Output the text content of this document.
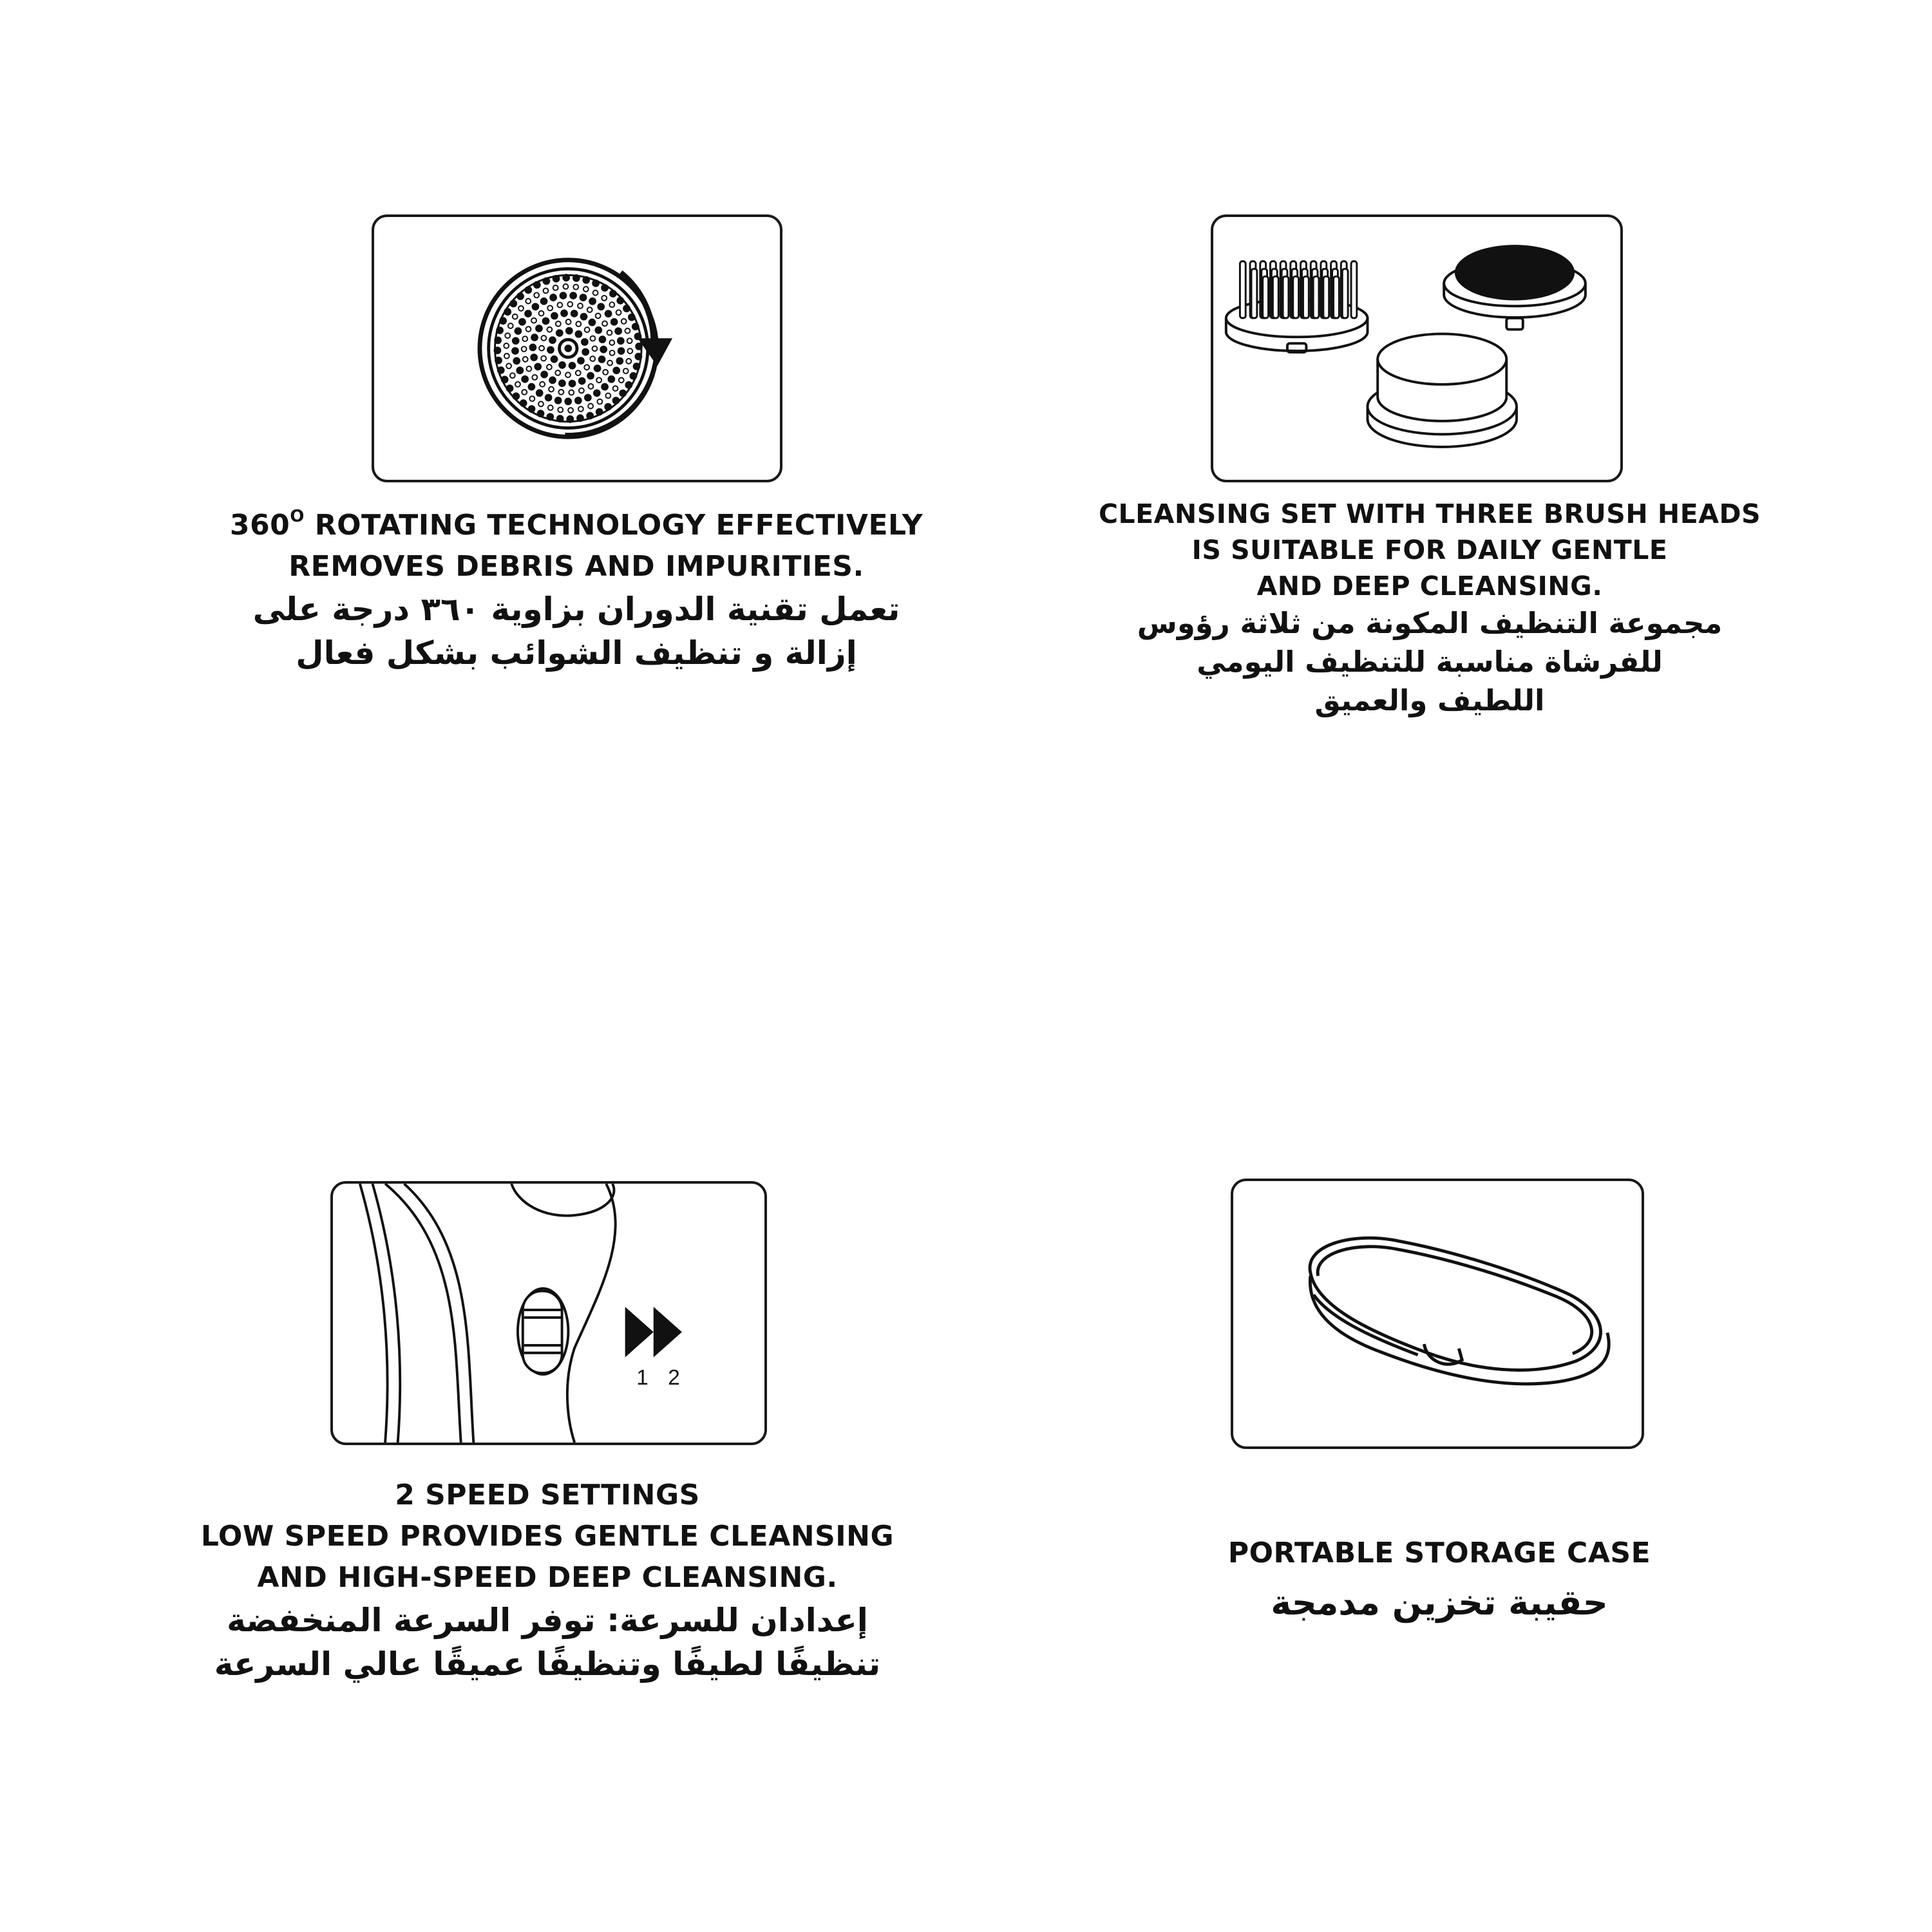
1 2
$360^O$ ROTATING TECHNOLOGY EFFECTIVELY
REMOVES DEBRIS AND IMPURITIES.
تعمل تقنية الدوران بزاوية ٣٦٠ درجة على
إزالة و تنظيف الشوائب بشكل فعال
CLEANSING SET WITH THREE BRUSH HEADS
IS SUITABLE FOR DAILY GENTLE
AND DEEP CLEANSING.
مجموعة التنظيف المكونة من ثلاثة رؤوس
للفرشاة مناسبة للتنظيف اليومي
اللطيف والعميق
2 SPEED SETTINGS
LOW SPEED PROVIDES GENTLE CLEANSING
AND HIGH-SPEED DEEP CLEANSING.
إعدادان للسرعة: توفر السرعة المنخفضة
تنظيفًا لطيفًا وتنظيفًا عميقًا عالي السرعة
PORTABLE STORAGE CASE
حقيبة تخزين مدمجة
